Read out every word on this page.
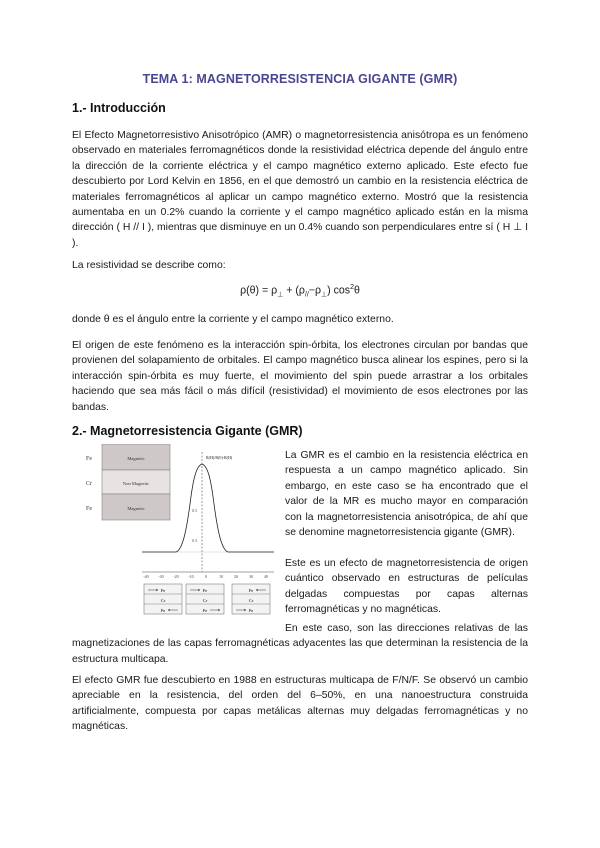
TEMA 1: MAGNETORRESISTENCIA GIGANTE (GMR)
1.- Introducción

El Efecto Magnetorresistivo Anisotrópico (AMR) o magnetorresistencia anisótropa es un fenómeno observado en materiales ferromagnéticos donde la resistividad eléctrica depende del ángulo entre la dirección de la corriente eléctrica y el campo magnético externo aplicado. Este efecto fue descubierto por Lord Kelvin en 1856, en el que demostró un cambio en la resistencia eléctrica de materiales ferromagnéticos al aplicar un campo magnético externo. Mostró que la resistencia aumentaba en un 0.2% cuando la corriente y el campo magnético aplicado están en la misma dirección ( H // I ), mientras que disminuye en un 0.4% cuando son perpendiculares entre sí ( H ⊥ I ).

La resistividad se describe como:

$\rho(\theta) = \rho_\perp + (\rho_{//}-\rho_\perp)$ $\cos^2\theta$

donde θ es el ángulo entre la corriente y el campo magnético externo.

El origen de este fenómeno es la interacción spin-órbita, los electrones circulan por bandas que provienen del solapamiento de orbitales. El campo magnético busca alinear los espines, pero si la interacción spin-órbita es muy fuerte, el movimiento del spin puede arrastrar a los orbitales haciendo que sea más fácil o más difícil (resistividad) el movimiento de esos electrones por las bandas.

2.- Magnetorresistencia Gigante (GMR)
Fe
Cr
Fe
Magnetic
Non Magnetic
Magnetic
R(H)/R(0)-R(H)
0.5
0.3
-40 -30 -20 -10	0	10	20	30	40
Fe
Cr
Fe
Fe
Cr
Fe
Fe
Cr
Fe

La GMR es el cambio en la resistencia eléctrica en respuesta a un campo magnético aplicado. Sin embargo, en este caso se ha encontrado que el valor de la MR es mucho mayor en comparación con la magnetorresistencia anisotrópica, de ahí que se denomine magnetorresistencia gigante (GMR).

Este es un efecto de magnetorresistencia de origen cuántico observado en estructuras de películas delgadas compuestas por capas alternas ferromagnéticas y no magnéticas.

En este caso, son las direcciones relativas de las magnetizaciones de las capas ferromagnéticas adyacentes las que determinan la resistencia de la estructura multicapa.

El efecto GMR fue descubierto en 1988 en estructuras multicapa de F/N/F. Se observó un cambio apreciable en la resistencia, del orden del 6–50%, en una nanoestructura construida artificialmente, compuesta por capas metálicas alternas muy delgadas ferromagnéticas y no magnéticas.
